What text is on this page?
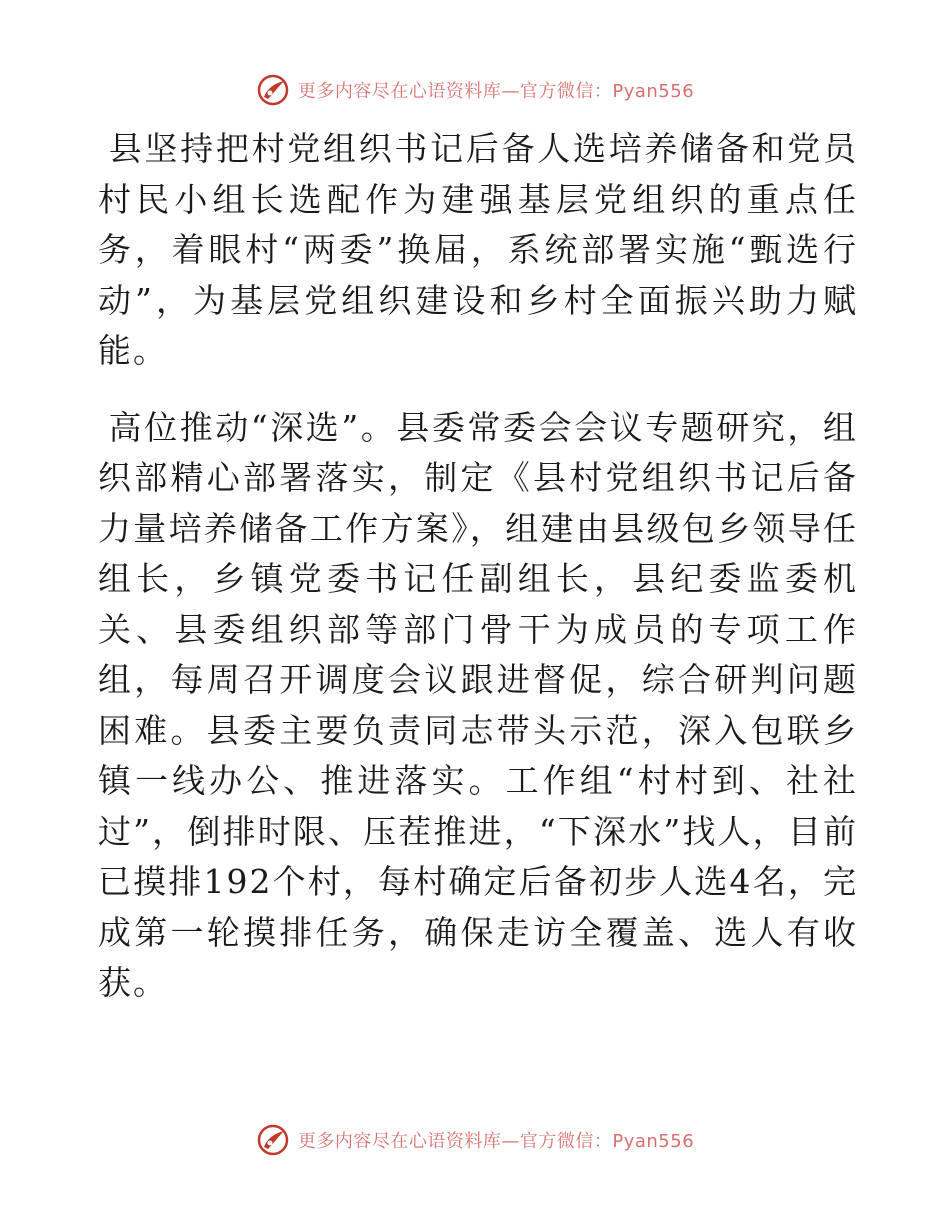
更多内容尽在心语资料库—官方微信：Pyan556

县坚持把村党组织书记后备人选培养储备和党员村民小组长选配作为建强基层党组织的重点任务，着眼村“两委”换届，系统部署实施“甄选行动”，为基层党组织建设和乡村全面振兴助力赋能。

高位推动“深选”。县委常委会会议专题研究，组织部精心部署落实，制定《县村党组织书记后备力量培养储备工作方案》，组建由县级包乡领导任组长，乡镇党委书记任副组长，县纪委监委机关、县委组织部等部门骨干为成员的专项工作组，每周召开调度会议跟进督促，综合研判问题困难。县委主要负责同志带头示范，深入包联乡镇一线办公、推进落实。工作组“村村到、社社过”，倒排时限、压茬推进，“下深水”找人，目前已摸排192个村，每村确定后备初步人选4名，完成第一轮摸排任务，确保走访全覆盖、选人有收获。

更多内容尽在心语资料库—官方微信：Pyan556
